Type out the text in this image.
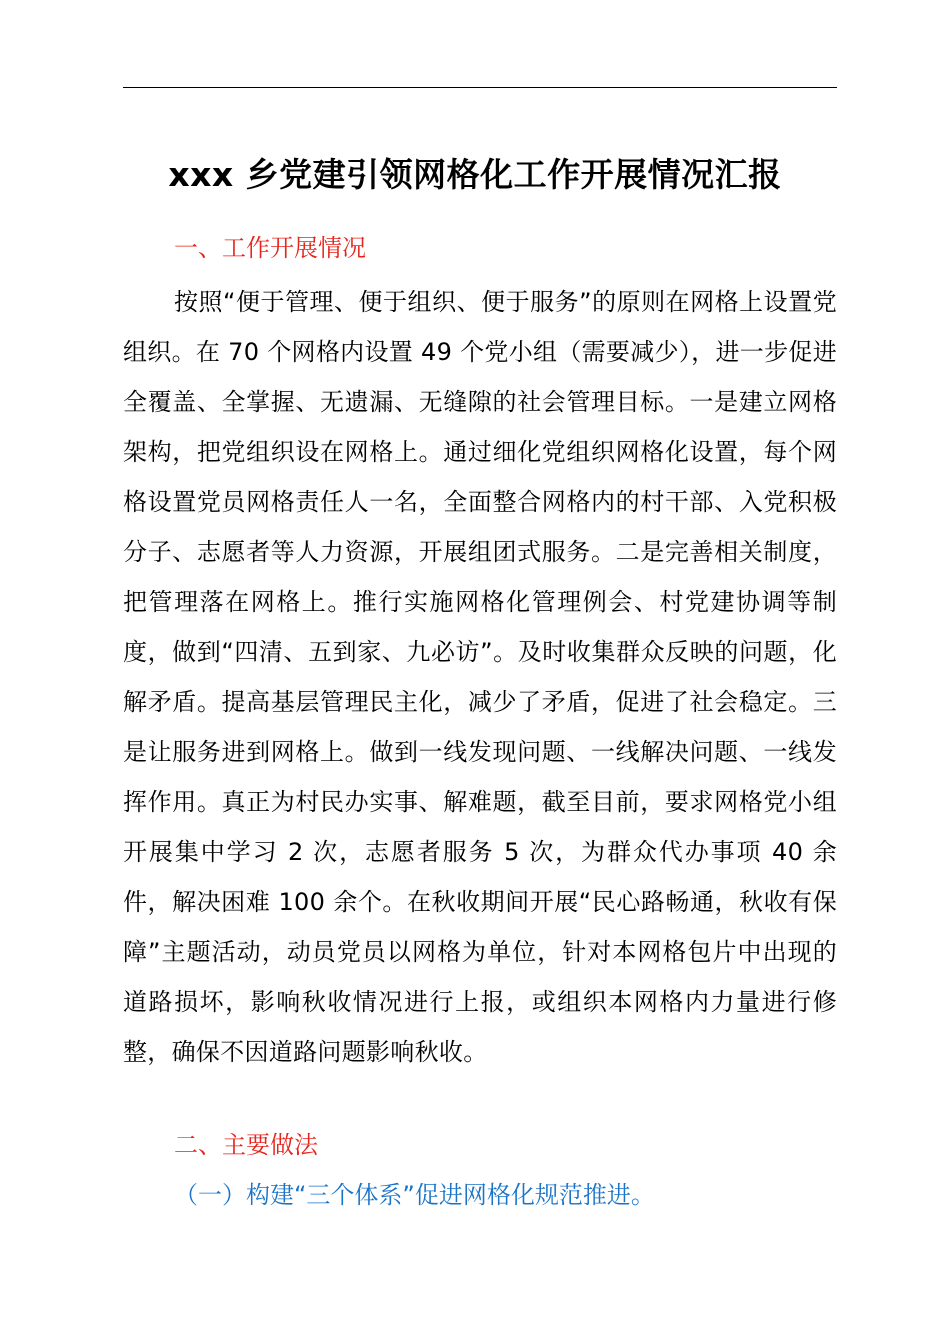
xxx 乡党建引领网格化工作开展情况汇报
一、工作开展情况

按照“便于管理、便于组织、便于服务”的原则在网格上设置党组织。在 70 个网格内设置 49 个党小组（需要减少），进一步促进全覆盖、全掌握、无遗漏、无缝隙的社会管理目标。一是建立网格架构，把党组织设在网格上。通过细化党组织网格化设置，每个网格设置党员网格责任人一名，全面整合网格内的村干部、入党积极分子、志愿者等人力资源，开展组团式服务。二是完善相关制度，把管理落在网格上。推行实施网格化管理例会、村党建协调等制度，做到“四清、五到家、九必访”。及时收集群众反映的问题，化解矛盾。提高基层管理民主化，减少了矛盾，促进了社会稳定。三是让服务进到网格上。做到一线发现问题、一线解决问题、一线发挥作用。真正为村民办实事、解难题，截至目前，要求网格党小组开展集中学习 2 次，志愿者服务 5 次，为群众代办事项 40 余件，解决困难 100 余个。在秋收期间开展“民心路畅通，秋收有保障”主题活动，动员党员以网格为单位，针对本网格包片中出现的道路损坏，影响秋收情况进行上报，或组织本网格内力量进行修整，确保不因道路问题影响秋收。

二、主要做法
（一）构建“三个体系”促进网格化规范推进。
